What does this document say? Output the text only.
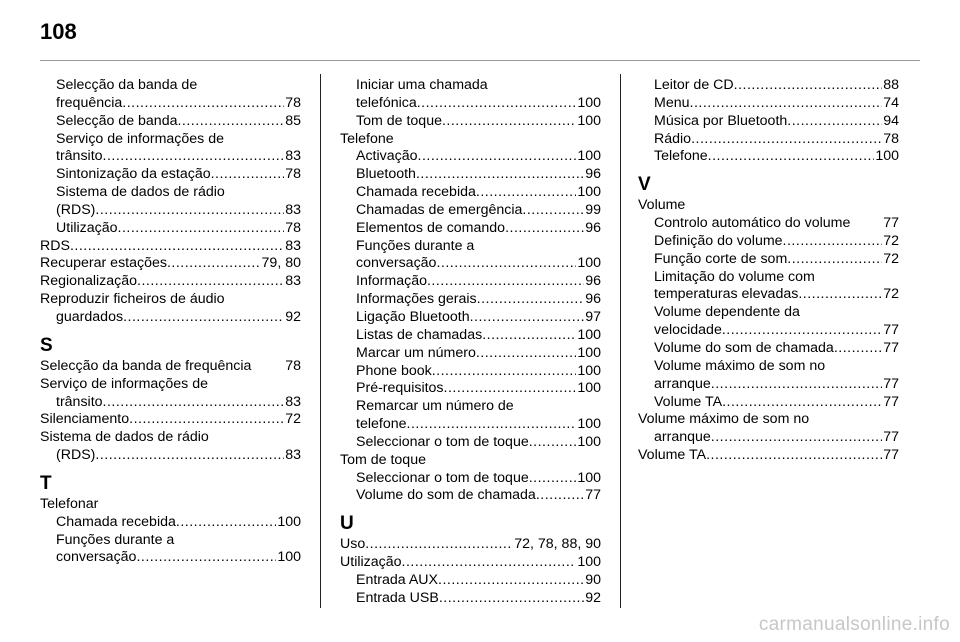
108
Selecção da banda de
frequência .....	78
Selecção de banda .....	85
Serviço de informações de
trânsito .....	83
Sintonização da estação .....	78
Sistema de dados de rádio
(RDS) .....	83
Utilização .....	78
RDS .....	83
Recuperar estações .....	79, 80
Regionalização .....	83
Reproduzir ficheiros de áudio
guardados .....	92
S
Selecção da banda de frequência	78
Serviço de informações de
trânsito .....	83
Silenciamento .....	72
Sistema de dados de rádio
(RDS) .....	83
T
Telefonar
Chamada recebida .....	100
Funções durante a
conversação .....	100
Iniciar uma chamada
telefónica .....	100
Tom de toque .....	100
Telefone
Activação .....	100
Bluetooth .....	96
Chamada recebida .....	100
Chamadas de emergência .....	99
Elementos de comando .....	96
Funções durante a
conversação .....	100
Informação .....	96
Informações gerais .....	96
Ligação Bluetooth .....	97
Listas de chamadas .....	100
Marcar um número .....	100
Phone book .....	100
Pré-requisitos .....	100
Remarcar um número de
telefone .....	100
Seleccionar o tom de toque .....	100
Tom de toque
Seleccionar o tom de toque .....	100
Volume do som de chamada .....	77
U
Uso .....	72, 78, 88, 90
Utilização .....	100
Entrada AUX .....	90
Entrada USB .....	92
Leitor de CD .....	88
Menu .....	74
Música por Bluetooth .....	94
Rádio .....	78
Telefone .....	100
V
Volume
Controlo automático do volume	77
Definição do volume .....	72
Função corte de som .....	72
Limitação do volume com
temperaturas elevadas .....	72
Volume dependente da
velocidade .....	77
Volume do som de chamada .....	77
Volume máximo de som no
arranque .....	77
Volume TA .....	77
Volume máximo de som no
arranque .....	77
Volume TA .....	77
carmanualsonline.info
